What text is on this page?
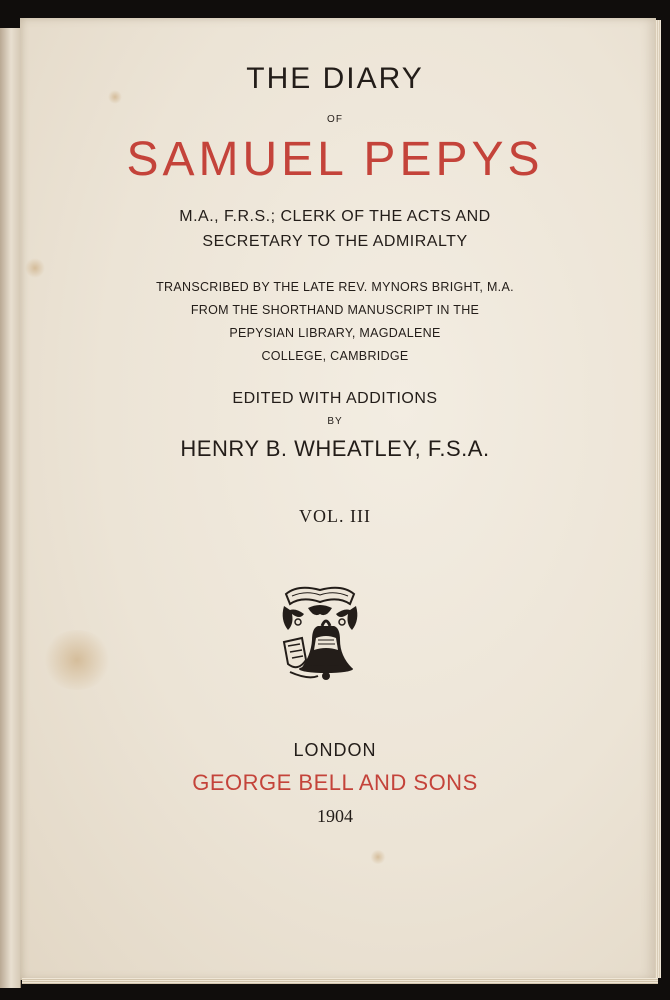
THE DIARY
OF
SAMUEL PEPYS
M.A., F.R.S.; CLERK OF THE ACTS AND
SECRETARY TO THE ADMIRALTY
TRANSCRIBED BY THE LATE REV. MYNORS BRIGHT, M.A.
FROM THE SHORTHAND MANUSCRIPT IN THE
PEPYSIAN LIBRARY, MAGDALENE
COLLEGE, CAMBRIDGE
EDITED WITH ADDITIONS
BY
HENRY B. WHEATLEY, F.S.A.
VOL. III
LONDON
GEORGE BELL AND SONS
1904
